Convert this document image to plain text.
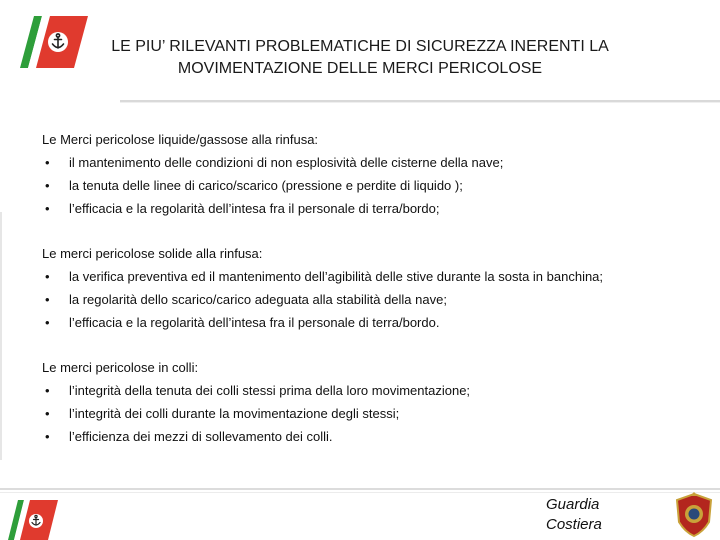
LE PIU’ RILEVANTI PROBLEMATICHE DI SICUREZZA INERENTI LA
MOVIMENTAZIONE DELLE MERCI PERICOLOSE
Le Merci pericolose liquide/gassose alla rinfusa:
• il mantenimento delle condizioni di non esplosività delle cisterne della nave;
• la tenuta delle linee di carico/scarico (pressione e perdite di liquido );
• l’efficacia e la regolarità dell’intesa fra il personale di terra/bordo;
Le merci pericolose solide alla rinfusa:
• la verifica preventiva ed il mantenimento dell’agibilità delle stive durante la sosta in banchina;
• la regolarità dello scarico/carico adeguata alla stabilità della nave;
• l’efficacia e la regolarità dell’intesa fra il personale di terra/bordo.
Le merci pericolose in colli:
• l’integrità della tenuta dei colli stessi prima della loro movimentazione;
• l’integrità dei colli durante la movimentazione degli stessi;
• l’efficienza dei mezzi di sollevamento dei colli.
Guardia
Costiera
